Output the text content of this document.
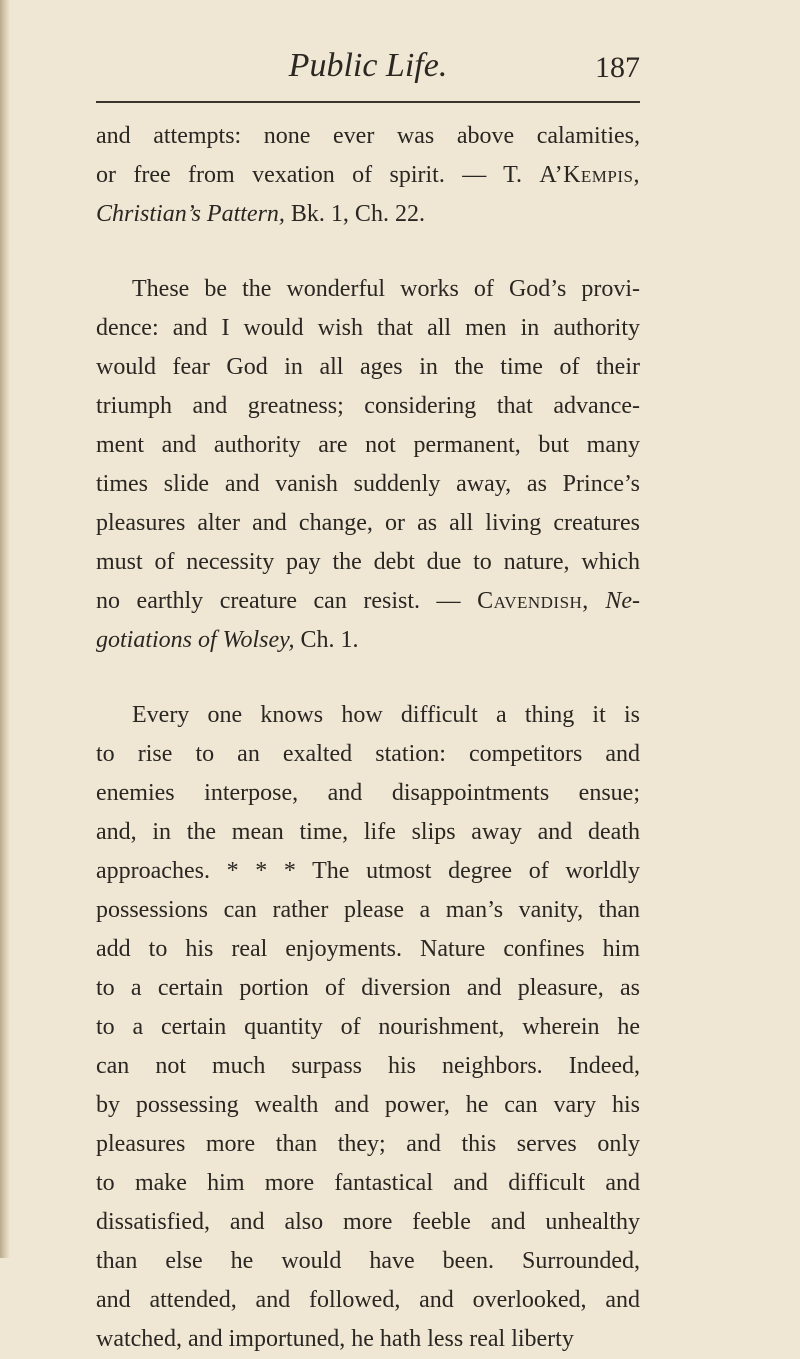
Public Life.	187
and attempts: none ever was above calamities,
or free from vexation of spirit. — T. A’Kempis,
Christian’s Pattern, Bk. 1, Ch. 22.
These be the wonderful works of God’s provi-
dence: and I would wish that all men in authority
would fear God in all ages in the time of their
triumph and greatness; considering that advance-
ment and authority are not permanent, but many
times slide and vanish suddenly away, as Prince’s
pleasures alter and change, or as all living creatures
must of necessity pay the debt due to nature, which
no earthly creature can resist. — Cavendish, Ne-
gotiations of Wolsey, Ch. 1.
Every one knows how difficult a thing it is
to rise to an exalted station: competitors and
enemies interpose, and disappointments ensue;
and, in the mean time, life slips away and death
approaches. * * * The utmost degree of worldly
possessions can rather please a man’s vanity, than
add to his real enjoyments. Nature confines him
to a certain portion of diversion and pleasure, as
to a certain quantity of nourishment, wherein he
can not much surpass his neighbors. Indeed,
by possessing wealth and power, he can vary his
pleasures more than they; and this serves only
to make him more fantastical and difficult and
dissatisfied, and also more feeble and unhealthy
than else he would have been. Surrounded,
and attended, and followed, and overlooked, and
watched, and importuned, he hath less real liberty
